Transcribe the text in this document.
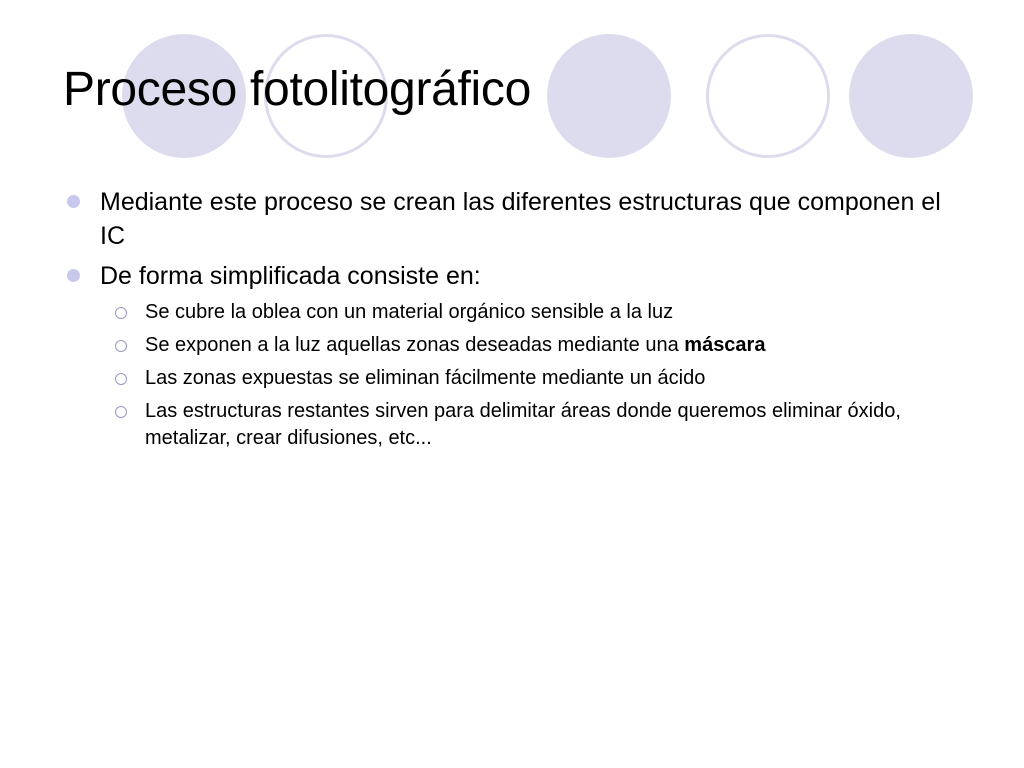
Proceso fotolitográfico
Mediante este proceso se crean las diferentes estructuras que componen el IC
De forma simplificada consiste en:
Se cubre la oblea con un material orgánico sensible a la luz
Se exponen a la luz aquellas zonas deseadas mediante una máscara
Las zonas expuestas se eliminan fácilmente mediante un ácido
Las estructuras restantes sirven para delimitar áreas donde queremos eliminar óxido, metalizar, crear difusiones, etc...
